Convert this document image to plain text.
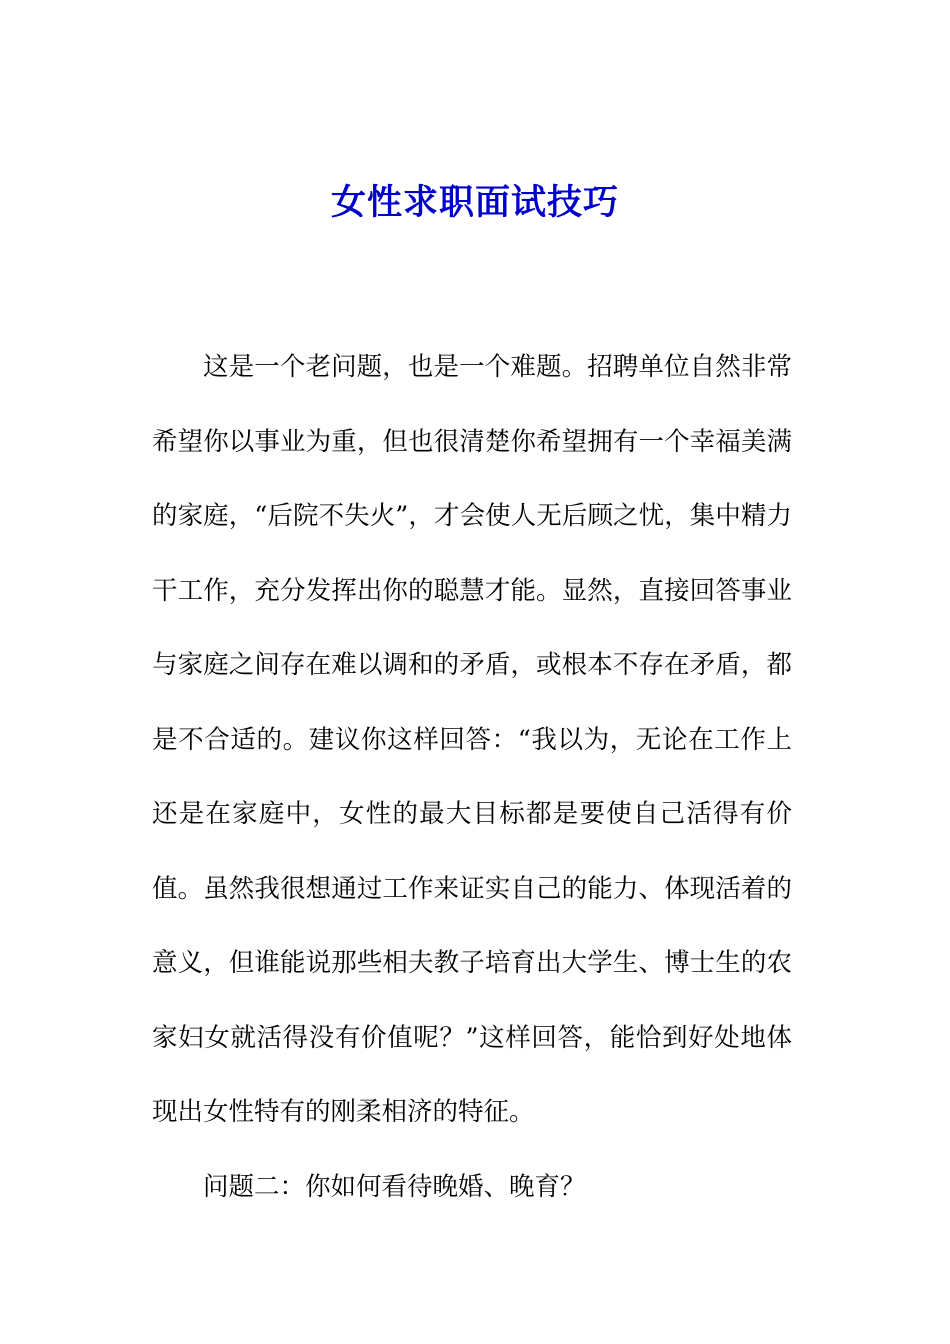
女性求职面试技巧

这是一个老问题，也是一个难题。招聘单位自然非常希望你以事业为重，但也很清楚你希望拥有一个幸福美满的家庭，“后院不失火”，才会使人无后顾之忧，集中精力干工作，充分发挥出你的聪慧才能。显然，直接回答事业与家庭之间存在难以调和的矛盾，或根本不存在矛盾，都是不合适的。建议你这样回答：“我以为，无论在工作上还是在家庭中，女性的最大目标都是要使自己活得有价值。虽然我很想通过工作来证实自己的能力、体现活着的意义，但谁能说那些相夫教子培育出大学生、博士生的农家妇女就活得没有价值呢？”这样回答，能恰到好处地体现出女性特有的刚柔相济的特征。

问题二：你如何看待晚婚、晚育？
